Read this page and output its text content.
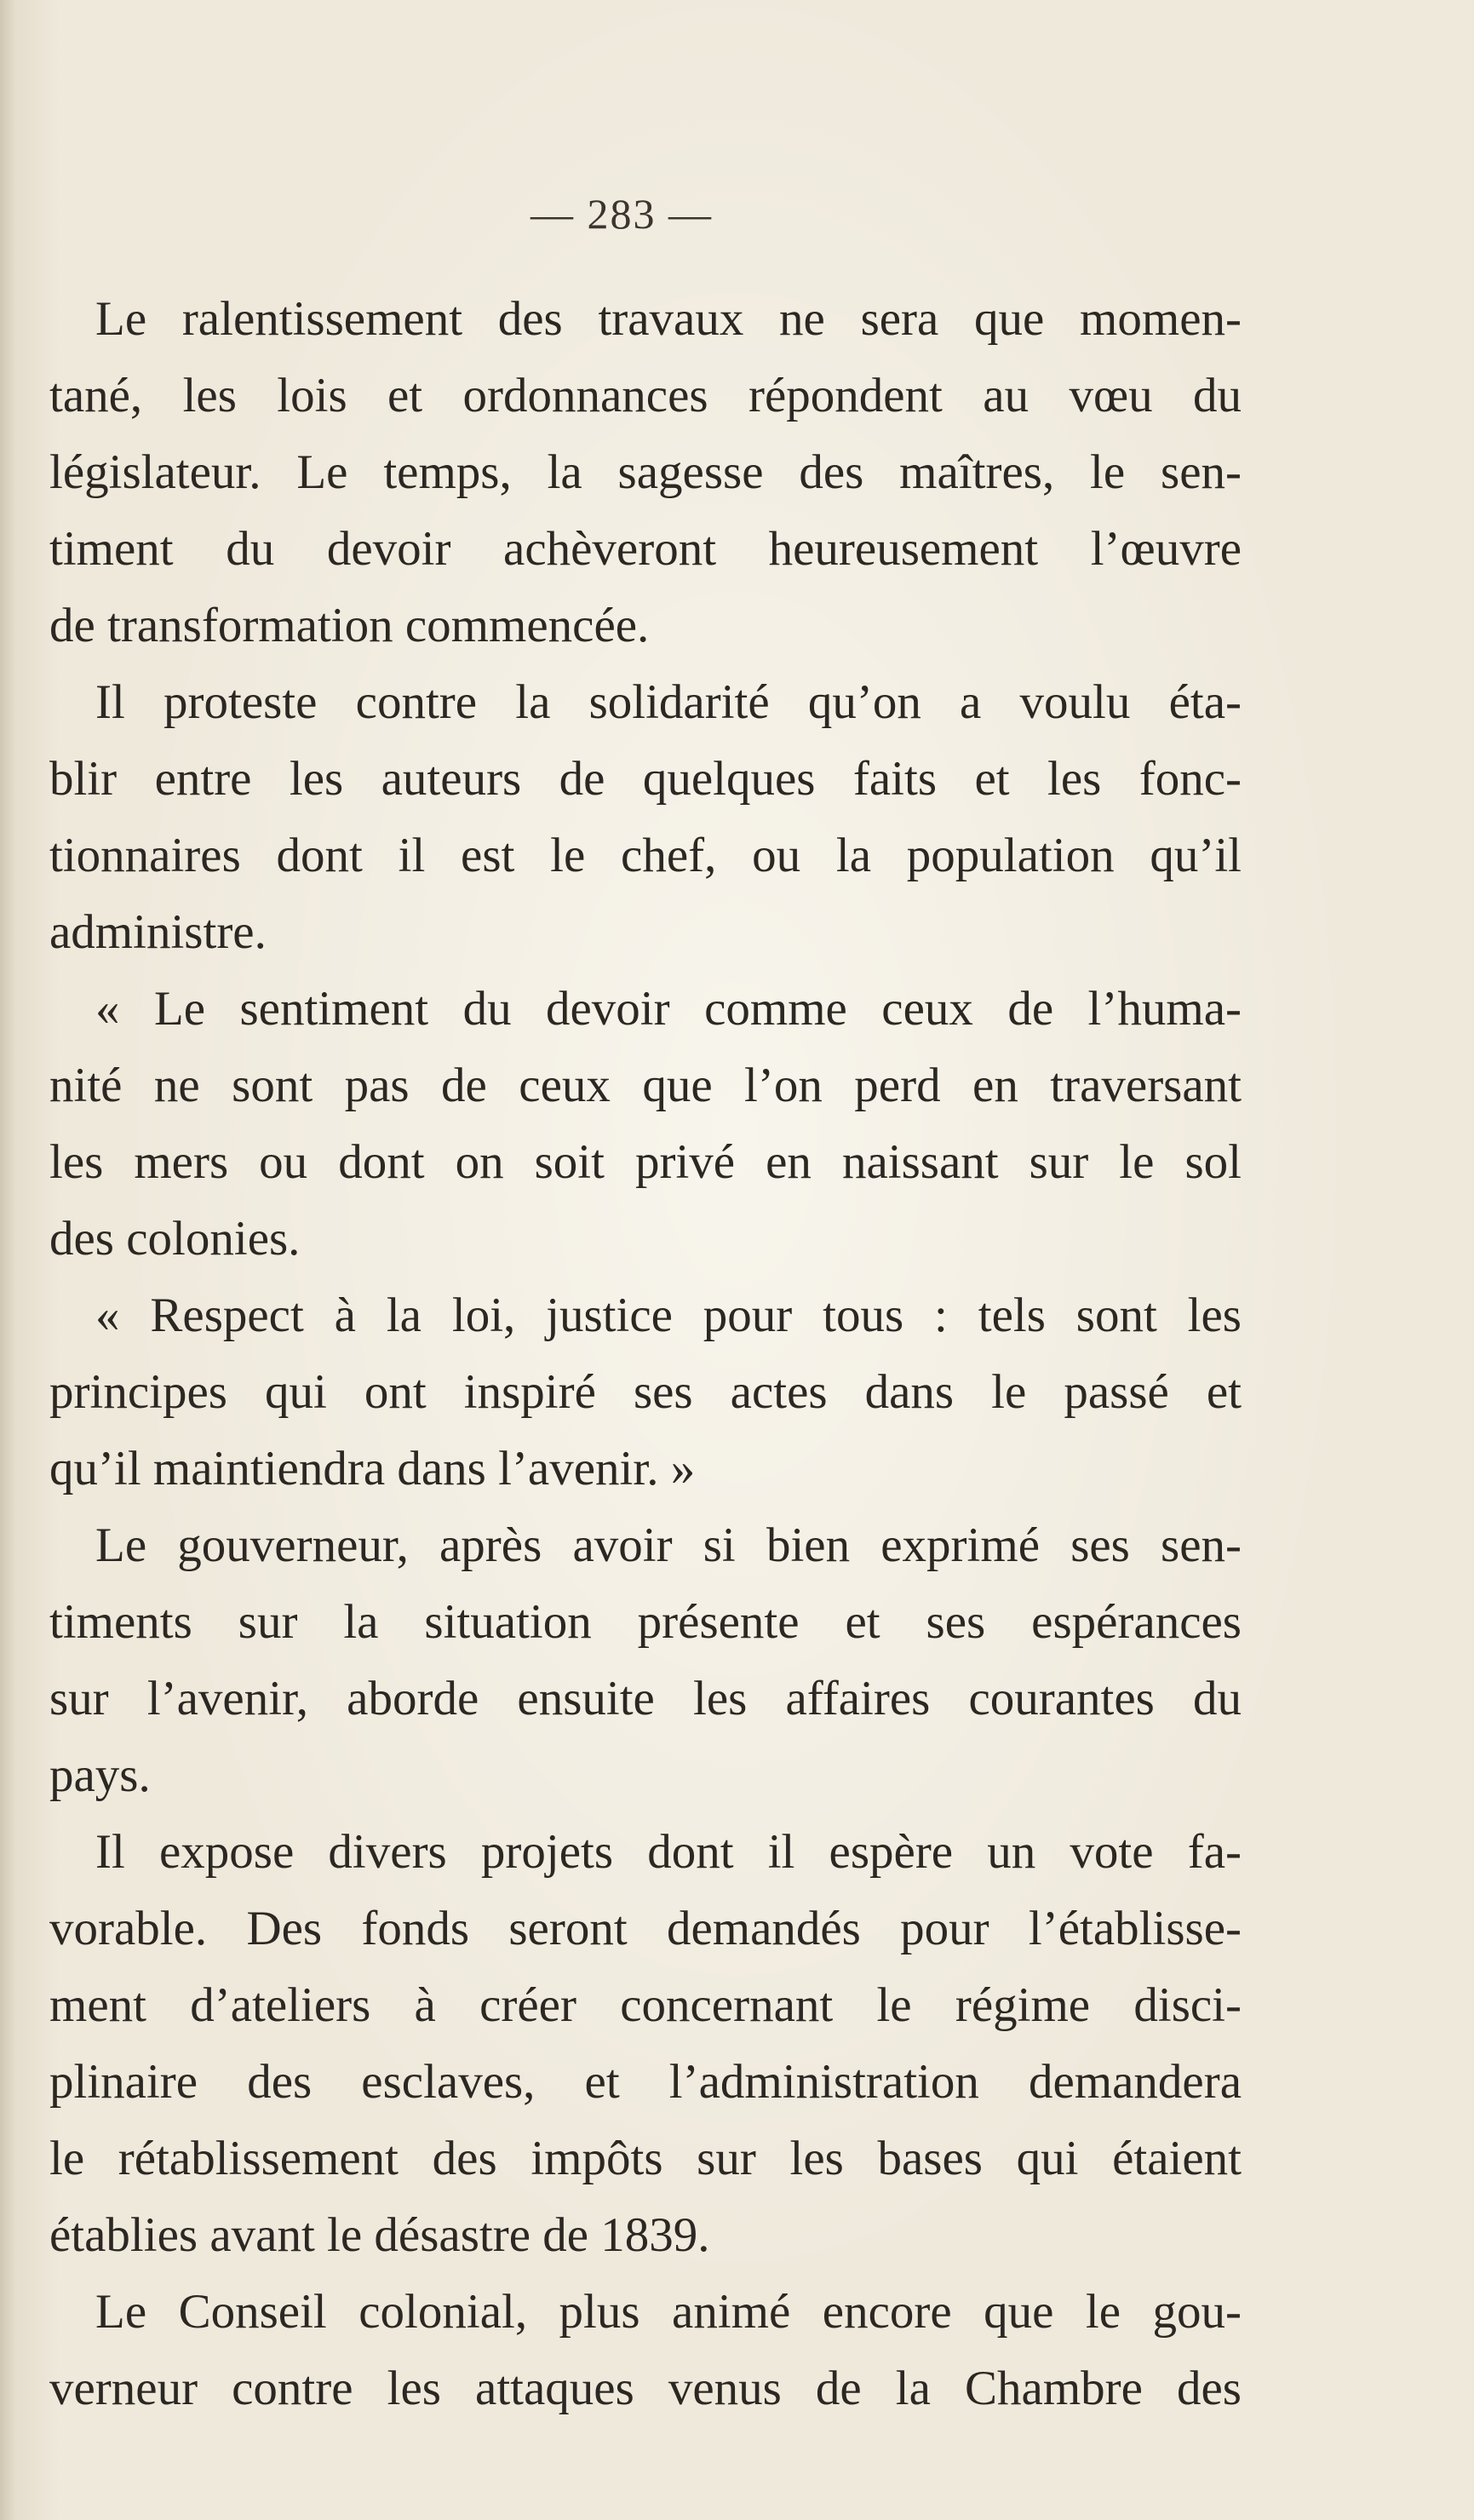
— 283 —
Le ralentissement des travaux ne sera que momen-
tané, les lois et ordonnances répondent au vœu du
législateur. Le temps, la sagesse des maîtres, le sen-
timent du devoir achèveront heureusement l’œuvre
de transformation commencée.
Il proteste contre la solidarité qu’on a voulu éta-
blir entre les auteurs de quelques faits et les fonc-
tionnaires dont il est le chef, ou la population qu’il
administre.
« Le sentiment du devoir comme ceux de l’huma-
nité ne sont pas de ceux que l’on perd en traversant
les mers ou dont on soit privé en naissant sur le sol
des colonies.
« Respect à la loi, justice pour tous : tels sont les
principes qui ont inspiré ses actes dans le passé et
qu’il maintiendra dans l’avenir. »
Le gouverneur, après avoir si bien exprimé ses sen-
timents sur la situation présente et ses espérances
sur l’avenir, aborde ensuite les affaires courantes du
pays.
Il expose divers projets dont il espère un vote fa-
vorable. Des fonds seront demandés pour l’établisse-
ment d’ateliers à créer concernant le régime disci-
plinaire des esclaves, et l’administration demandera
le rétablissement des impôts sur les bases qui étaient
établies avant le désastre de 1839.
Le Conseil colonial, plus animé encore que le gou-
verneur contre les attaques venus de la Chambre des
